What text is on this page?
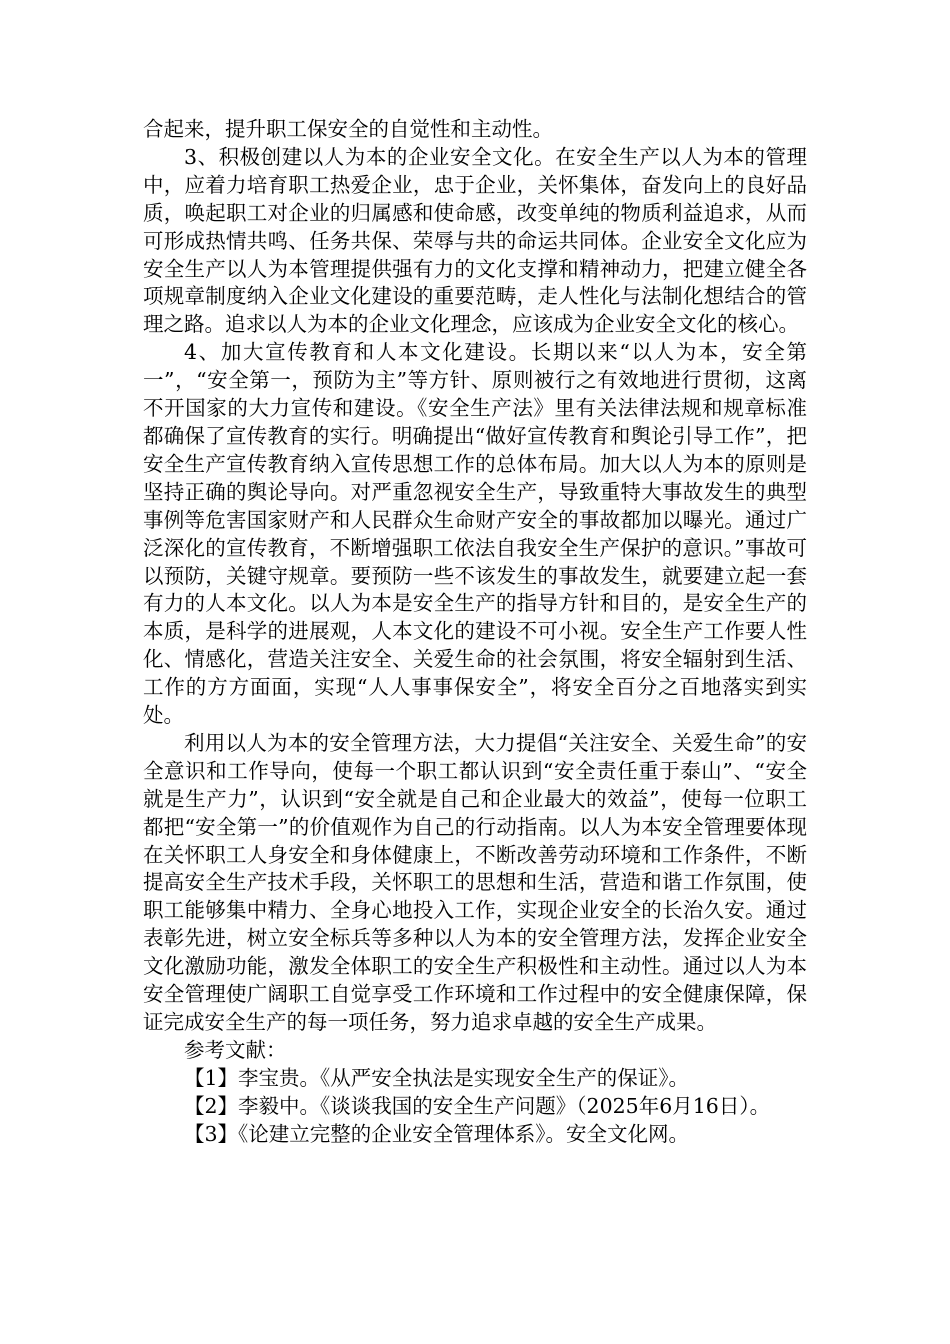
合起来，提升职工保安全的自觉性和主动性。

3、积极创建以人为本的企业安全文化。在安全生产以人为本的管理中，应着力培育职工热爱企业，忠于企业，关怀集体，奋发向上的良好品质，唤起职工对企业的归属感和使命感，改变单纯的物质利益追求，从而可形成热情共鸣、任务共保、荣辱与共的命运共同体。企业安全文化应为安全生产以人为本管理提供强有力的文化支撑和精神动力，把建立健全各项规章制度纳入企业文化建设的重要范畴，走人性化与法制化想结合的管理之路。追求以人为本的企业文化理念，应该成为企业安全文化的核心。

4、加大宣传教育和人本文化建设。长期以来“以人为本，安全第一”，“安全第一，预防为主”等方针、原则被行之有效地进行贯彻，这离不开国家的大力宣传和建设。《安全生产法》里有关法律法规和规章标准都确保了宣传教育的实行。明确提出“做好宣传教育和舆论引导工作”，把安全生产宣传教育纳入宣传思想工作的总体布局。加大以人为本的原则是坚持正确的舆论导向。对严重忽视安全生产，导致重特大事故发生的典型事例等危害国家财产和人民群众生命财产安全的事故都加以曝光。通过广泛深化的宣传教育，不断增强职工依法自我安全生产保护的意识。”事故可以预防，关键守规章。要预防一些不该发生的事故发生，就要建立起一套有力的人本文化。以人为本是安全生产的指导方针和目的，是安全生产的本质，是科学的进展观，人本文化的建设不可小视。安全生产工作要人性化、情感化，营造关注安全、关爱生命的社会氛围，将安全辐射到生活、工作的方方面面，实现“人人事事保安全”，将安全百分之百地落实到实处。

利用以人为本的安全管理方法，大力提倡“关注安全、关爱生命”的安全意识和工作导向，使每一个职工都认识到“安全责任重于泰山”、“安全就是生产力”，认识到“安全就是自己和企业最大的效益”，使每一位职工都把“安全第一”的价值观作为自己的行动指南。以人为本安全管理要体现在关怀职工人身安全和身体健康上，不断改善劳动环境和工作条件，不断提高安全生产技术手段，关怀职工的思想和生活，营造和谐工作氛围，使职工能够集中精力、全身心地投入工作，实现企业安全的长治久安。通过表彰先进，树立安全标兵等多种以人为本的安全管理方法，发挥企业安全文化激励功能，激发全体职工的安全生产积极性和主动性。通过以人为本安全管理使广阔职工自觉享受工作环境和工作过程中的安全健康保障，保证完成安全生产的每一项任务，努力追求卓越的安全生产成果。

参考文献：

【1】李宝贵。《从严安全执法是实现安全生产的保证》。

【2】李毅中。《谈谈我国的安全生产问题》（2025年6月16日）。

【3】《论建立完整的企业安全管理体系》。安全文化网。
